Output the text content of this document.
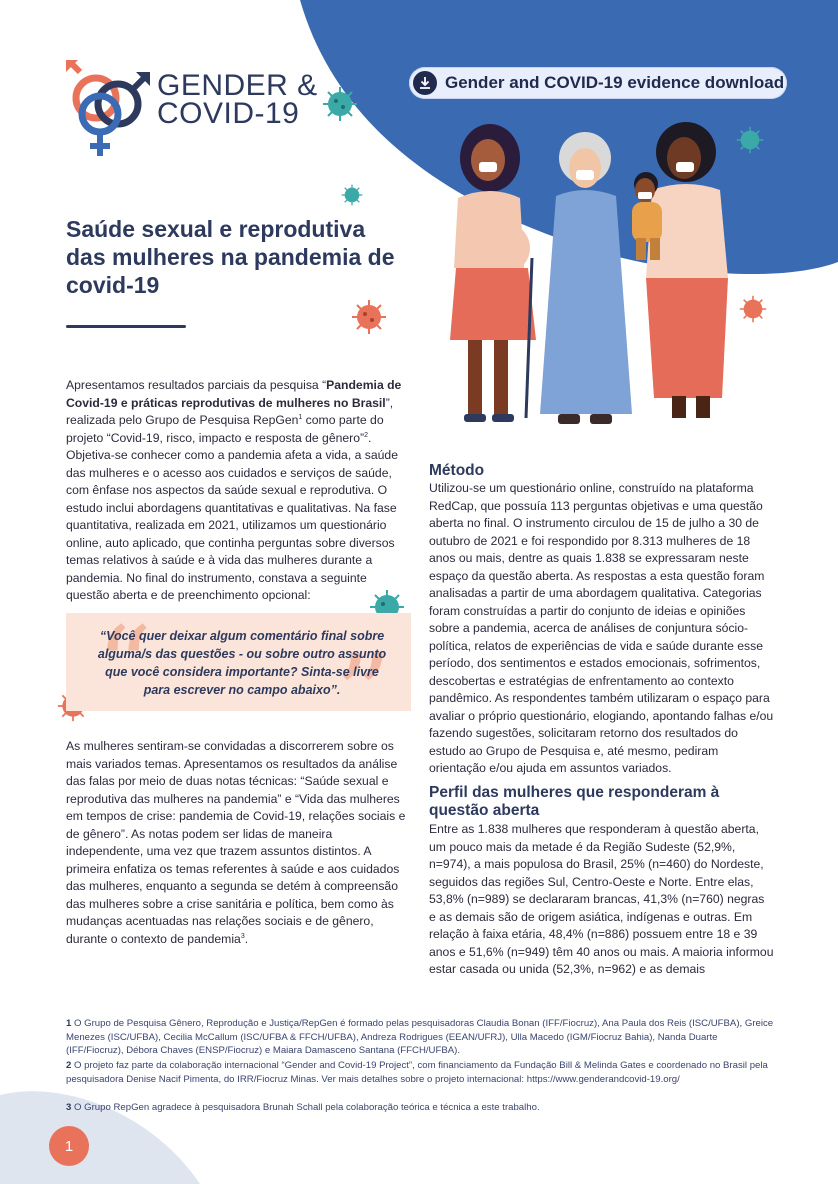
GENDER &
COVID-19
Gender and COVID-19 evidence download
Saúde sexual e reprodutiva das mulheres na pandemia de covid-19

Apresentamos resultados parciais da pesquisa “Pandemia de Covid-19 e práticas reprodutivas de mulheres no Brasil”, realizada pelo Grupo de Pesquisa RepGen$^1$ como parte do projeto “Covid-19, risco, impacto e resposta de gênero”$^2$. Objetiva-se conhecer como a pandemia afeta a vida, a saúde das mulheres e o acesso aos cuidados e serviços de saúde, com ênfase nos aspectos da saúde sexual e reprodutiva. O estudo inclui abordagens quantitativas e qualitativas. Na fase quantitativa, realizada em 2021, utilizamos um questionário online, auto aplicado, que continha perguntas sobre diversos temas relativos à saúde e à vida das mulheres durante a pandemia. No final do instrumento, constava a seguinte questão aberta e de preenchimento opcional:

“ ”
“Você quer deixar algum comentário final sobre alguma/s das questões - ou sobre outro assunto que você considera importante? Sinta-se livre para escrever no campo abaixo”.

As mulheres sentiram-se convidadas a discorrerem sobre os mais variados temas. Apresentamos os resultados da análise das falas por meio de duas notas técnicas: “Saúde sexual e reprodutiva das mulheres na pandemia” e “Vida das mulheres em tempos de crise: pandemia de Covid-19, relações sociais e de gênero”. As notas podem ser lidas de maneira independente, uma vez que trazem assuntos distintos. A primeira enfatiza os temas referentes à saúde e aos cuidados das mulheres, enquanto a segunda se detém à compreensão das mulheres sobre a crise sanitária e política, bem como às mudanças acentuadas nas relações sociais e de gênero, durante o contexto de pandemia$^3$.

Método

Utilizou-se um questionário online, construído na plataforma RedCap, que possuía 113 perguntas objetivas e uma questão aberta no final. O instrumento circulou de 15 de julho a 30 de outubro de 2021 e foi respondido por 8.313 mulheres de 18 anos ou mais, dentre as quais 1.838 se expressaram neste espaço da questão aberta. As respostas a esta questão foram analisadas a partir de uma abordagem qualitativa. Categorias foram construídas a partir do conjunto de ideias e opiniões sobre a pandemia, acerca de análises de conjuntura sócio-política, relatos de experiências de vida e saúde durante esse período, dos sentimentos e estados emocionais, sofrimentos, descobertas e estratégias de enfrentamento ao contexto pandêmico. As respondentes também utilizaram o espaço para avaliar o próprio questionário, elogiando, apontando falhas e/ou fazendo sugestões, solicitaram retorno dos resultados do estudo ao Grupo de Pesquisa e, até mesmo, pediram orientação e/ou ajuda em assuntos variados.

Perfil das mulheres que responderam à questão aberta

Entre as 1.838 mulheres que responderam à questão aberta, um pouco mais da metade é da Região Sudeste (52,9%, n=974), a mais populosa do Brasil, 25% (n=460) do Nordeste, seguidos das regiões Sul, Centro-Oeste e Norte. Entre elas, 53,8% (n=989) se declararam brancas, 41,3% (n=760) negras e as demais são de origem asiática, indígenas e outras. Em relação à faixa etária, 48,4% (n=886) possuem entre 18 e 39 anos e 51,6% (n=949) têm 40 anos ou mais. A maioria informou estar casada ou unida (52,3%, n=962) e as demais

1 O Grupo de Pesquisa Gênero, Reprodução e Justiça/RepGen é formado pelas pesquisadoras Claudia Bonan (IFF/Fiocruz), Ana Paula dos Reis (ISC/UFBA), Greice Menezes (ISC/UFBA), Cecilia McCallum (ISC/UFBA & FFCH/UFBA), Andreza Rodrigues (EEAN/UFRJ), Ulla Macedo (IGM/Fiocruz Bahia), Nanda Duarte (IFF/Fiocruz), Débora Chaves (ENSP/Fiocruz) e Maiara Damasceno Santana (FFCH/UFBA).
2 O projeto faz parte da colaboração internacional “Gender and Covid-19 Project”, com financiamento da Fundação Bill & Melinda Gates e coordenado no Brasil pela pesquisadora Denise Nacif Pimenta, do IRR/Fiocruz Minas. Ver mais detalhes sobre o projeto internacional: https://www.genderandcovid-19.org/
3 O Grupo RepGen agradece à pesquisadora Brunah Schall pela colaboração teórica e técnica a este trabalho.
1
